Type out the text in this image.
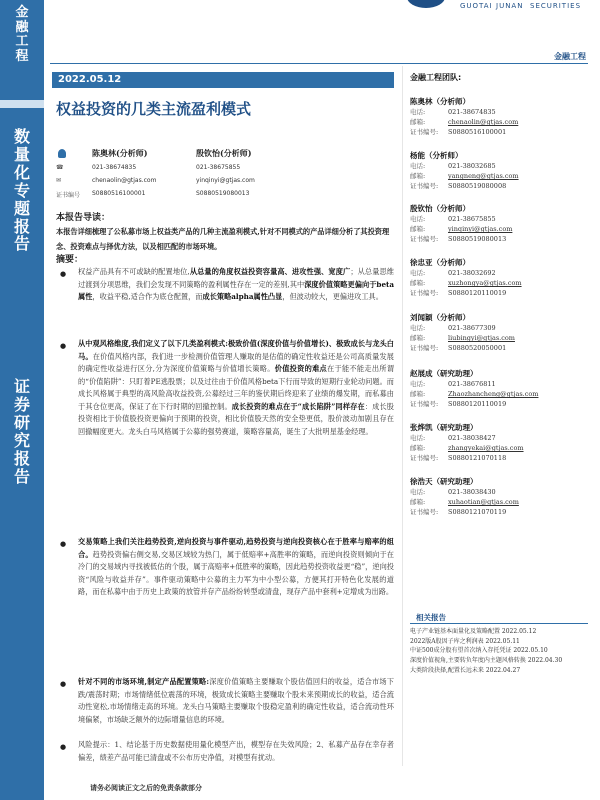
金融工程
数量化专题报告
证券研究报告
GUOTAI JUNAN SECURITIES
金融工程
2022.05.12
权益投资的几类主流盈利模式
陈奥林(分析师)	殷钦怡(分析师)
☎	021-38674835	021-38675855
✉	chenaolin@gtjas.com	yinqinyi@gtjas.com
证书编号 S0880516100001	S0880519080013
本报告导读：
本报告详细梳理了公私募市场上权益类产品的几种主流盈利模式,针对不同模式的产品详细分析了其投资理念、投资难点与择优方法，以及相匹配的市场环境。
摘要：
● 权益产品具有不可或缺的配置地位,从总量的角度权益投资容量高、进攻性强、宽度广；从总量思维过渡到分项思维，我们会发现不同策略的盈利属性存在一定的差别,其中深度价值策略更偏向于beta属性，收益平稳,适合作为底仓配置，而成长策略alpha属性凸显，但波动较大，更偏进攻工具。
● 从中观风格维度,我们定义了以下几类盈利模式:极致价值(深度价值与价值增长)、极致成长与龙头白马。在价值风格内部，我们进一步检测价值管理人赚取的是估值的确定性收益还是公司高质量发展的确定性收益进行区分,分为深度价值策略与价值增长策略。价值投资的难点在于能不能走出所谓的“价值陷阱”：只盯着PE逃股票；以及过往由于价值风格beta下行而导致的短期行业轮动问题。而成长风格属于典型的高风险高收益投资,公募经过三年的鉴伏期后终迎来了业绩的爆发期，而私募由于其仓位更高，保证了在下行时期的回撤控制。成长投资的难点在于“成长陷阱”同样存在：成长股投资相比于价值股投资更偏向于预期的投资，相比价值股天然的安全垫更低，股价波动加剧且存在回撤幅度更大。龙头白马风格属于公募的强势赛道，策略容量高，诞生了大批明星基金经理。
● 交易策略上我们关注趋势投资,逆向投资与事件驱动,趋势投资与逆向投资核心在于胜率与赔率的组合。趋势投资偏右侧交易,交易区域较为热门，属于低赔率+高胜率的策略，而逆向投资则倾向于在冷门的交易域内寻找被低估的个股，属于高赔率+低胜率的策略，因此趋势投资收益更“稳”，逆向投资“风险与收益并存”。事件驱动策略中公募的主力军为中小型公募，方便其打开特色化发展的道路，而在私募中由于历史上政策的放管并存产品纷纷转型或清盘，现存产品中套利+定增成为出路。
● 针对不同的市场环境,制定产品配置策略:深度价值策略主要赚取个股估值回归的收益，适合市场下跌/震荡时期；市场情绪低位震荡的环境，极致成长策略主要赚取个股未来预期成长的收益，适合流动性宽松,市场情绪走高的环境。龙头白马策略主要赚取个股稳定盈利的确定性收益，适合流动性环境偏紧，市场缺乏额外的边际增量信息的环境。
● 风险提示：1、结论基于历史数据使用量化模型产出，模型存在失效风险；2、私募产品存在幸存者偏差，绩差产品可能已清盘或不公布历史净值，对模型有扰动。
金融工程团队:
陈奥林（分析师）
电话:	021-38674835
邮箱:	chenaolin@gtjas.com
证书编号: S0880516100001
杨能（分析师）
电话:	021-38032685
邮箱:	yangneng@gtjas.com
证书编号: S0880519080008
殷钦怡（分析师）
电话:	021-38675855
邮箱:	yinqinyi@gtjas.com
证书编号: S0880519080013
徐忠亚（分析师）
电话:	021-38032692
邮箱:	xuzhongya@gtjas.com
证书编号: S0880120110019
刘闻颖（分析师）
电话:	021-38677309
邮箱:	liubingyi@gtjas.com
证书编号: S0880520050001
赵展成（研究助理）
电话:	021-38676811
邮箱:	Zhaozhancheng@gtjas.com
证书编号: S0880120110019
张烨凯（研究助理）
电话:	021-38038427
邮箱:	zhangyekai@gtjas.com
证书编号: S0880121070118
徐浩天（研究助理）
电话:	021-38038430
邮箱:	xuhaotian@gtjas.com
证书编号: S0880121070119
相关报告
电子产业链基本面量化及策略配置 2022.05.12
2022版A股因子库之利润表 2022.05.11
中证500成分股有望首次纳入存托凭证 2022.05.10
深度价值视角,主要转负年度内主题风格转换 2022.04.30
大类阶段抉择,配置长远未来 2022.04.27
请务必阅读正文之后的免责条款部分
